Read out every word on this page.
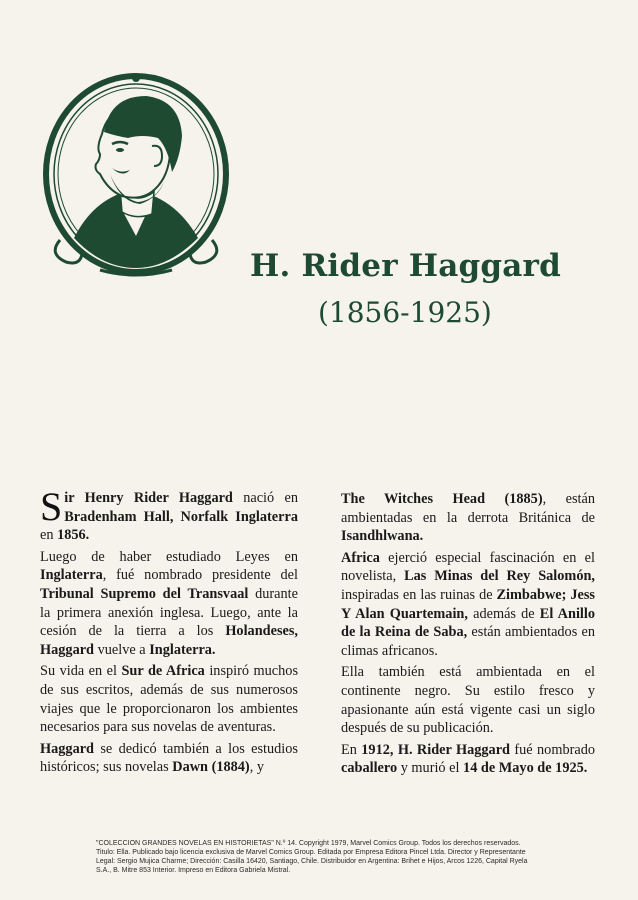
H. Rider Haggard
(1856-1925)

Sir Henry Rider Haggard nació en Bradenham Hall, Norfalk Inglaterra en 1856.

Luego de haber estudiado Leyes en Inglaterra, fué nombrado presidente del Tribunal Supremo del Transvaal durante la primera anexión inglesa. Luego, ante la cesión de la tierra a los Holandeses, Haggard vuelve a Inglaterra.

Su vida en el Sur de Africa inspiró muchos de sus escritos, además de sus numerosos viajes que le proporcionaron los ambientes necesarios para sus novelas de aventuras.

Haggard se dedicó también a los estudios históricos; sus novelas Dawn (1884), y

The Witches Head (1885), están ambientadas en la derrota Británica de Isandhlwana.

Africa ejerció especial fascinación en el novelista, Las Minas del Rey Salomón, inspiradas en las ruinas de Zimbabwe; Jess Y Alan Quartemain, además de El Anillo de la Reina de Saba, están ambientados en climas africanos.

Ella también está ambientada en el continente negro. Su estilo fresco y apasionante aún está vigente casi un siglo después de su publicación.

En 1912, H. Rider Haggard fué nombrado caballero y murió el 14 de Mayo de 1925.

"COLECCION GRANDES NOVELAS EN HISTORIETAS" N.º 14. Copyright 1979, Marvel Comics Group. Todos los derechos reservados. Titulo: Ella. Publicado bajo licencia exclusiva de Marvel Comics Group. Editada por Empresa Editora Pincel Ltda. Director y Representante Legal: Sergio Mujica Charme; Dirección: Casilla 16420, Santiago, Chile. Distribuidor en Argentina: Brihet e Hijos, Arcos 1226, Capital Ryela S.A., B. Mitre 853 Interior. Impreso en Editora Gabriela Mistral.
